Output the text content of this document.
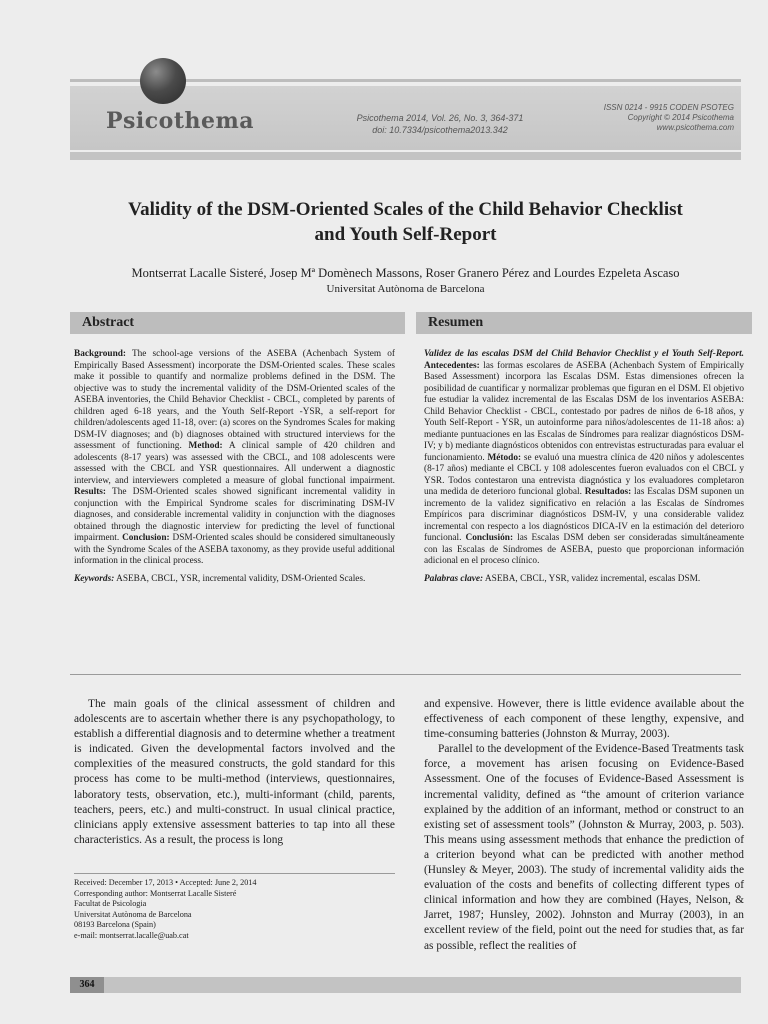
Psicothema	Psicothema 2014, Vol. 26, No. 3, 364-371
doi: 10.7334/psicothema2013.342
ISSN 0214 - 9915 CODEN PSOTEG
Copyright © 2014 Psicothema
www.psicothema.com
Validity of the DSM-Oriented Scales of the Child Behavior Checklist
and Youth Self-Report
Montserrat Lacalle Sisteré, Josep Mª Domènech Massons, Roser Granero Pérez and Lourdes Ezpeleta Ascaso
Universitat Autònoma de Barcelona
Abstract	Resumen

Background: The school-age versions of the ASEBA (Achenbach System of Empirically Based Assessment) incorporate the DSM-Oriented scales. These scales make it possible to quantify and normalize problems defined in the DSM. The objective was to study the incremental validity of the DSM-Oriented scales of the ASEBA inventories, the Child Behavior Checklist - CBCL, completed by parents of children aged 6-18 years, and the Youth Self-Report -YSR, a self-report for children/adolescents aged 11-18, over: (a) scores on the Syndromes Scales for making DSM-IV diagnoses; and (b) diagnoses obtained with structured interviews for the assessment of functioning. Method: A clinical sample of 420 children and adolescents (8-17 years) was assessed with the CBCL, and 108 adolescents were assessed with the CBCL and YSR questionnaires. All underwent a diagnostic interview, and interviewers completed a measure of global functional impairment. Results: The DSM-Oriented scales showed significant incremental validity in conjunction with the Empirical Syndrome scales for discriminating DSM-IV diagnoses, and considerable incremental validity in conjunction with the diagnoses obtained through the diagnostic interview for predicting the level of functional impairment. Conclusion: DSM-Oriented scales should be considered simultaneously with the Syndrome Scales of the ASEBA taxonomy, as they provide useful additional information in the clinical process.

Keywords: ASEBA, CBCL, YSR, incremental validity, DSM-Oriented Scales.

Validez de las escalas DSM del Child Behavior Checklist y el Youth Self-Report. Antecedentes: las formas escolares de ASEBA (Achenbach System of Empirically Based Assessment) incorpora las Escalas DSM. Estas dimensiones ofrecen la posibilidad de cuantificar y normalizar problemas que figuran en el DSM. El objetivo fue estudiar la validez incremental de las Escalas DSM de los inventarios ASEBA: Child Behavior Checklist - CBCL, contestado por padres de niños de 6-18 años, y Youth Self-Report - YSR, un autoinforme para niños/adolescentes de 11-18 años: a) mediante puntuaciones en las Escalas de Síndromes para realizar diagnósticos DSM-IV; y b) mediante diagnósticos obtenidos con entrevistas estructuradas para evaluar el funcionamiento. Método: se evaluó una muestra clínica de 420 niños y adolescentes (8-17 años) mediante el CBCL y 108 adolescentes fueron evaluados con el CBCL y YSR. Todos contestaron una entrevista diagnóstica y los evaluadores completaron una medida de deterioro funcional global. Resultados: las Escalas DSM suponen un incremento de la validez significativo en relación a las Escalas de Síndromes Empíricos para discriminar diagnósticos DSM-IV, y una considerable validez incremental con respecto a los diagnósticos DICA-IV en la estimación del deterioro funcional. Conclusión: las Escalas DSM deben ser consideradas simultáneamente con las Escalas de Síndromes de ASEBA, puesto que proporcionan información adicional en el proceso clínico.

Palabras clave: ASEBA, CBCL, YSR, validez incremental, escalas DSM.

The main goals of the clinical assessment of children and adolescents are to ascertain whether there is any psychopathology, to establish a differential diagnosis and to determine whether a treatment is indicated. Given the developmental factors involved and the complexities of the measured constructs, the gold standard for this process has come to be multi-method (interviews, questionnaires, laboratory tests, observation, etc.), multi-informant (child, parents, teachers, peers, etc.) and multi-construct. In usual clinical practice, clinicians apply extensive assessment batteries to tap into all these characteristics. As a result, the process is long

and expensive. However, there is little evidence available about the effectiveness of each component of these lengthy, expensive, and time-consuming batteries (Johnston & Murray, 2003).

Parallel to the development of the Evidence-Based Treatments task force, a movement has arisen focusing on Evidence-Based Assessment. One of the focuses of Evidence-Based Assessment is incremental validity, defined as “the amount of criterion variance explained by the addition of an informant, method or construct to an existing set of assessment tools” (Johnston & Murray, 2003, p. 503). This means using assessment methods that enhance the prediction of a criterion beyond what can be predicted with another method (Hunsley & Meyer, 2003). The study of incremental validity aids the evaluation of the costs and benefits of collecting different types of clinical information and how they are combined (Hayes, Nelson, & Jarret, 1987; Hunsley, 2002). Johnston and Murray (2003), in an excellent review of the field, point out the need for studies that, as far as possible, reflect the realities of

Received: December 17, 2013 • Accepted: June 2, 2014
Corresponding author: Montserrat Lacalle Sisteré
Facultat de Psicologia
Universitat Autònoma de Barcelona
08193 Barcelona (Spain)
e-mail: montserrat.lacalle@uab.cat
364
